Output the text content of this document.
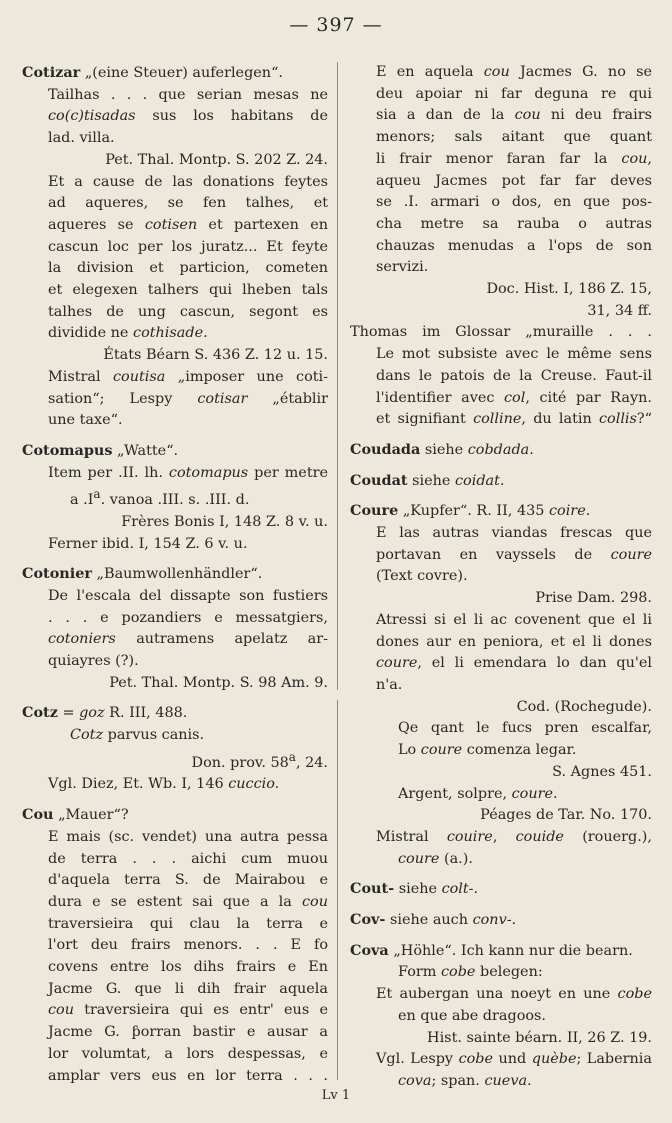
— 397 —
Cotizar „(eine Steuer) auferlegen“.
Tailhas . . . que serian mesas ne
co(c)tisadas sus los habitans de
lad. villa.
Pet. Thal. Montp. S. 202 Z. 24.
Et a cause de las donations feytes
ad aqueres, se fen talhes, et
aqueres se cotisen et partexen en
cascun loc per los juratz... Et feyte
la division et particion, cometen
et elegexen talhers qui lheben tals
talhes de ung cascun, segont es
dividide ne cothisade.
États Béarn S. 436 Z. 12 u. 15.
Mistral coutisa „imposer une coti-
sation“; Lespy cotisar „établir
une taxe“.
Cotomapus „Watte“.
Item per .II. lh. cotomapus per metre
a $.I^a$. vanoa .III. s. .III. d.
Frères Bonis I, 148 Z. 8 v. u.
Ferner ibid. I, 154 Z. 6 v. u.
Cotonier „Baumwollenhändler“.
De l'escala del dissapte son fustiers
. . . e pozandiers e messatgiers,
cotoniers autramens apelatz ar-
quiayres (?).
Pet. Thal. Montp. S. 98 Am. 9.
Cotz = goz R. III, 488.
Cotz parvus canis.
Don. prov. 58$^a$, 24.
Vgl. Diez, Et. Wb. I, 146 cuccio.
Cou „Mauer“?
E mais (sc. vendet) una autra pessa
de terra . . . aichi cum muou
d'aquela terra S. de Mairabou e
dura e se estent sai que a la cou
traversieira qui clau la terra e
l'ort deu frairs menors. . . E fo
covens entre los dihs frairs e En
Jacme G. que li dih frair aquela
cou traversieira qui es entr' eus e
Jacme G. ƥorran bastir e ausar a
lor volumtat, a lors despessas, e
amplar vers eus en lor terra . . .
E en aquela cou Jacmes G. no se
deu apoiar ni far deguna re qui
sia a dan de la cou ni deu frairs
menors; sals aitant que quant
li frair menor faran far la cou,
aqueu Jacmes pot far far deves
se .I. armari o dos, en que pos-
cha metre sa rauba o autras
chauzas menudas a l'ops de son
servizi.
Doc. Hist. I, 186 Z. 15,
31, 34 ff.
Thomas im Glossar „muraille . . .
Le mot subsiste avec le même sens
dans le patois de la Creuse. Faut-il
l'identifier avec col, cité par Rayn.
et signifiant colline, du latin collis?“
Coudada siehe cobdada.
Coudat siehe coidat.
Coure „Kupfer“. R. II, 435 coire.
E las autras viandas frescas que
portavan en vayssels de coure
(Text covre).
Prise Dam. 298.
Atressi si el li ac covenent que el li
dones aur en peniora, et el li dones
coure, el li emendara lo dan qu'el
n'a.
Cod. (Rochegude).
Qe qant le fucs pren escalfar,
Lo coure comenza legar.
S. Agnes 451.
Argent, solpre, coure.
Péages de Tar. No. 170.
Mistral couire, couide (rouerg.),
coure (a.).
Cout- siehe colt-.
Cov- siehe auch conv-.
Cova „Höhle“. Ich kann nur die bearn.
Form cobe belegen:
Et aubergan una noeyt en une cobe
en que abe dragoos.
Hist. sainte béarn. II, 26 Z. 19.
Vgl. Lespy cobe und quèbe; Labernia
cova; span. cueva.
Lv 1
